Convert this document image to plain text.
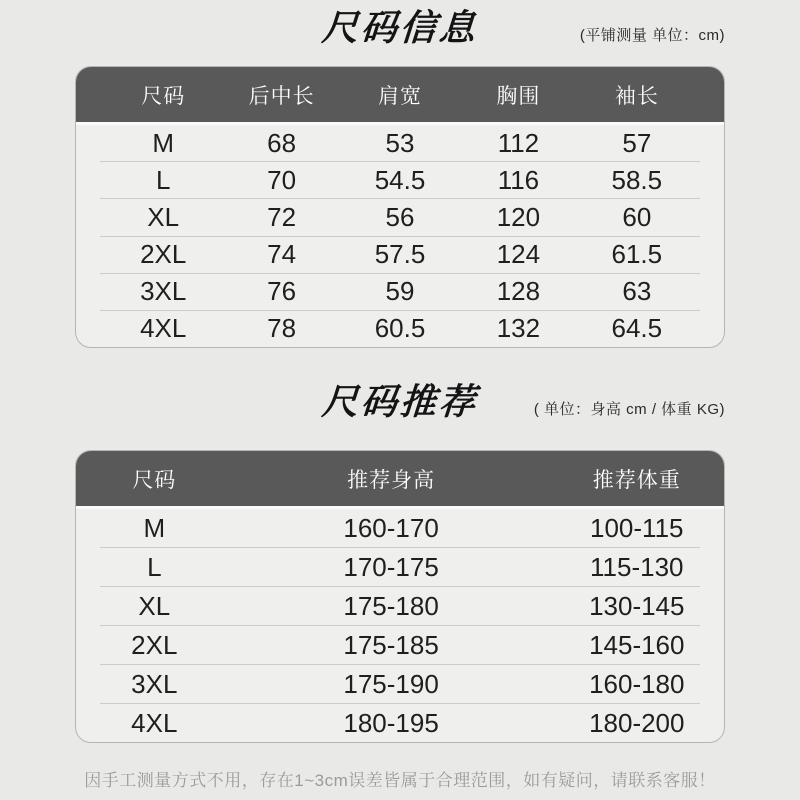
尺码信息	(平铺测量 单位：cm)
尺码	后中长	肩宽	胸围	袖长
M	68	53	112	57
L	70	54.5	116	58.5
XL	72	56	120	60
2XL	74	57.5	124	61.5
3XL	76	59	128	63
4XL	78	60.5	132	64.5
尺码推荐	( 单位：身高 cm / 体重 KG)
尺码	推荐身高	推荐体重
M	160-170	100-115
L	170-175	115-130
XL	175-180	130-145
2XL	175-185	145-160
3XL	175-190	160-180
4XL	180-195	180-200
因手工测量方式不用，存在1~3cm误差皆属于合理范围，如有疑问，请联系客服！
